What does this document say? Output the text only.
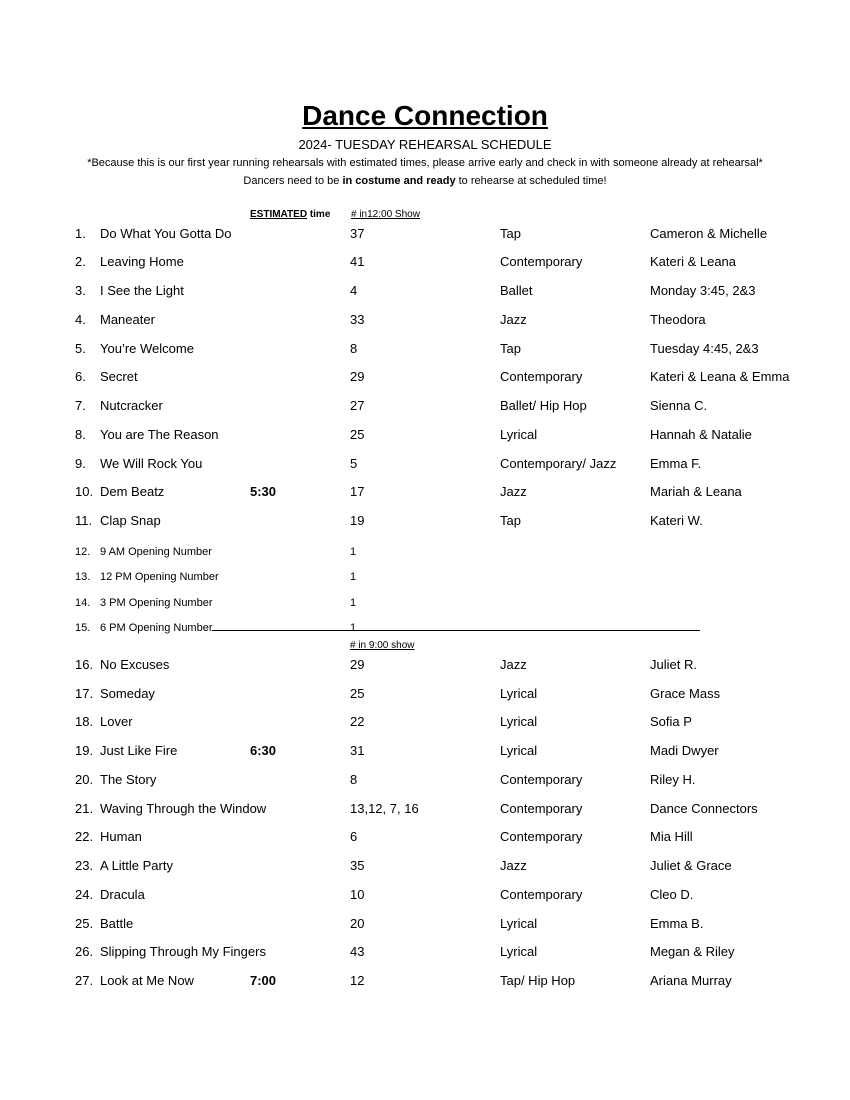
Dance Connection
2024- TUESDAY REHEARSAL SCHEDULE
*Because this is our first year running rehearsals with estimated times, please arrive early and check in with someone already at rehearsal*
Dancers need to be in costume and ready to rehearse at scheduled time!
ESTIMATED time # in12:00 Show
# in 9:00 show
1. Do What You Gotta Do	37	Tap	Cameron & Michelle
2. Leaving Home	41	Contemporary	Kateri & Leana
3. I See the Light	4	Ballet	Monday 3:45, 2&3
4. Maneater	33	Jazz	Theodora
5. You’re Welcome	8	Tap	Tuesday 4:45, 2&3
6. Secret	29	Contemporary	Kateri & Leana & Emma
7. Nutcracker	27	Ballet/ Hip Hop	Sienna C.
8. You are The Reason	25	Lyrical	Hannah & Natalie
9. We Will Rock You	5	Contemporary/ Jazz	Emma F.
10. Dem Beatz	5:30	17	Jazz	Mariah & Leana
11. Clap Snap	19	Tap	Kateri W.
12. 9 AM Opening Number	1
13. 12 PM Opening Number	1
14. 3 PM Opening Number	1
15. 6 PM Opening Number	1
16. No Excuses	29	Jazz	Juliet R.
17. Someday	25	Lyrical	Grace Mass
18. Lover	22	Lyrical	Sofia P
19. Just Like Fire	6:30	31	Lyrical	Madi Dwyer
20. The Story	8	Contemporary	Riley H.
21. Waving Through the Window	13,12, 7, 16	Contemporary	Dance Connectors
22. Human	6	Contemporary	Mia Hill
23. A Little Party	35	Jazz	Juliet & Grace
24. Dracula	10	Contemporary	Cleo D.
25. Battle	20	Lyrical	Emma B.
26. Slipping Through My Fingers	43	Lyrical	Megan & Riley
27. Look at Me Now	7:00	12	Tap/ Hip Hop	Ariana Murray
